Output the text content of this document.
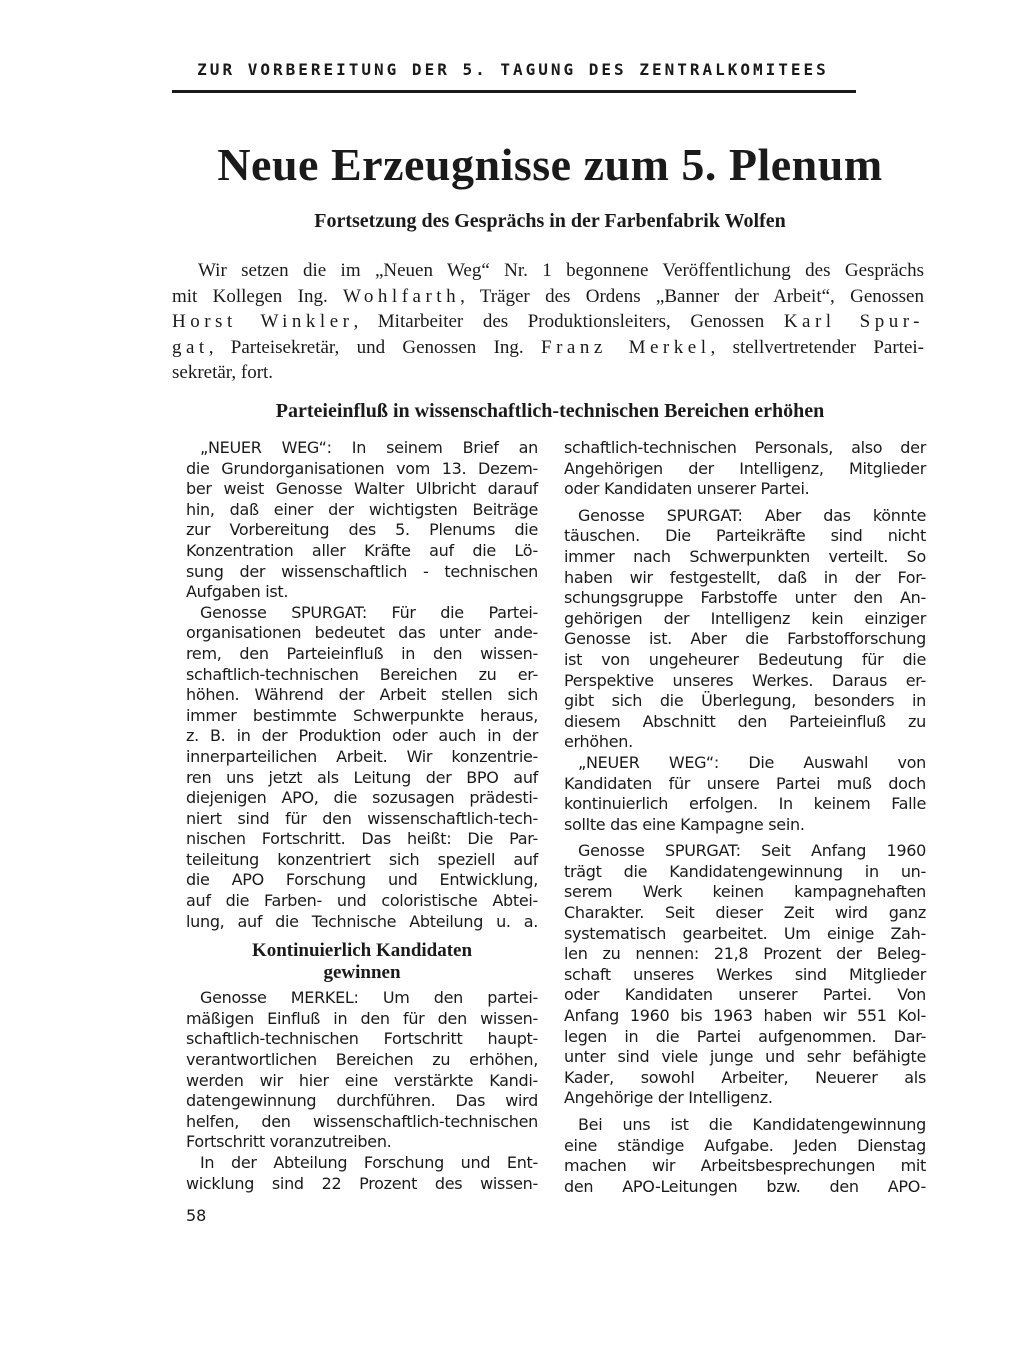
ZUR VORBEREITUNG DER 5. TAGUNG DES ZENTRALKOMITEES
Neue Erzeugnisse zum 5. Plenum
Fortsetzung des Gesprächs in der Farbenfabrik Wolfen
Wir setzen die im „Neuen Weg“ Nr. 1 begonnene Veröffentlichung des Gesprächs
mit Kollegen Ing. Wohlfarth, Träger des Ordens „Banner der Arbeit“, Genossen
Horst Winkler, Mitarbeiter des Produktionsleiters, Genossen Karl Spur-
gat, Parteisekretär, und Genossen Ing. Franz Merkel, stellvertretender Partei-
sekretär, fort.
Parteieinfluß in wissenschaftlich-technischen Bereichen erhöhen
„NEUER WEG“: In seinem Brief an
die Grundorganisationen vom 13. Dezem-
ber weist Genosse Walter Ulbricht darauf
hin, daß einer der wichtigsten Beiträge
zur Vorbereitung des 5. Plenums die
Konzentration aller Kräfte auf die Lö-
sung der wissenschaftlich - technischen
Aufgaben ist.
Genosse SPURGAT: Für die Partei-
organisationen bedeutet das unter ande-
rem, den Parteieinfluß in den wissen-
schaftlich-technischen Bereichen zu er-
höhen. Während der Arbeit stellen sich
immer bestimmte Schwerpunkte heraus,
z. B. in der Produktion oder auch in der
innerparteilichen Arbeit. Wir konzentrie-
ren uns jetzt als Leitung der BPO auf
diejenigen APO, die sozusagen prädesti-
niert sind für den wissenschaftlich-tech-
nischen Fortschritt. Das heißt: Die Par-
teileitung konzentriert sich speziell auf
die APO Forschung und Entwicklung,
auf die Farben- und coloristische Abtei-
lung, auf die Technische Abteilung u. a.
Kontinuierlich Kandidaten
gewinnen
Genosse MERKEL: Um den partei-
mäßigen Einfluß in den für den wissen-
schaftlich-technischen Fortschritt haupt-
verantwortlichen Bereichen zu erhöhen,
werden wir hier eine verstärkte Kandi-
datengewinnung durchführen. Das wird
helfen, den wissenschaftlich-technischen
Fortschritt voranzutreiben.
In der Abteilung Forschung und Ent-
wicklung sind 22 Prozent des wissen-
schaftlich-technischen Personals, also der
Angehörigen der Intelligenz, Mitglieder
oder Kandidaten unserer Partei.
Genosse SPURGAT: Aber das könnte
täuschen. Die Parteikräfte sind nicht
immer nach Schwerpunkten verteilt. So
haben wir festgestellt, daß in der For-
schungsgruppe Farbstoffe unter den An-
gehörigen der Intelligenz kein einziger
Genosse ist. Aber die Farbstofforschung
ist von ungeheurer Bedeutung für die
Perspektive unseres Werkes. Daraus er-
gibt sich die Überlegung, besonders in
diesem Abschnitt den Parteieinfluß zu
erhöhen.
„NEUER WEG“: Die Auswahl von
Kandidaten für unsere Partei muß doch
kontinuierlich erfolgen. In keinem Falle
sollte das eine Kampagne sein.
Genosse SPURGAT: Seit Anfang 1960
trägt die Kandidatengewinnung in un-
serem Werk keinen kampagnehaften
Charakter. Seit dieser Zeit wird ganz
systematisch gearbeitet. Um einige Zah-
len zu nennen: 21,8 Prozent der Beleg-
schaft unseres Werkes sind Mitglieder
oder Kandidaten unserer Partei. Von
Anfang 1960 bis 1963 haben wir 551 Kol-
legen in die Partei aufgenommen. Dar-
unter sind viele junge und sehr befähigte
Kader, sowohl Arbeiter, Neuerer als
Angehörige der Intelligenz.
Bei uns ist die Kandidatengewinnung
eine ständige Aufgabe. Jeden Dienstag
machen wir Arbeitsbesprechungen mit
den APO-Leitungen bzw. den APO-
58
